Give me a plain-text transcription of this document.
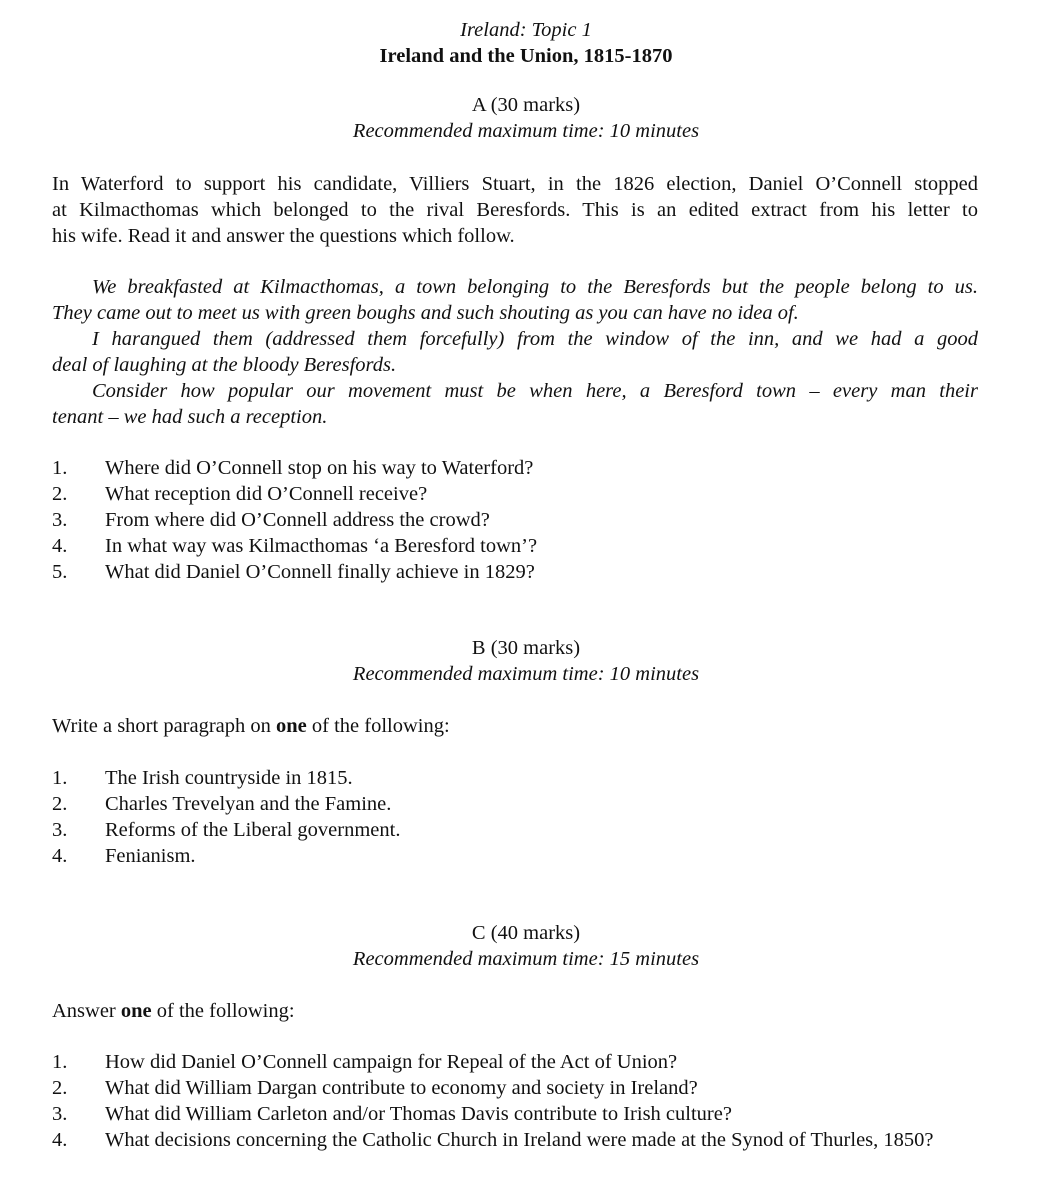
Ireland: Topic 1
Ireland and the Union, 1815-1870
A (30 marks)
Recommended maximum time: 10 minutes
In Waterford to support his candidate, Villiers Stuart, in the 1826 election, Daniel O’Connell stopped
at Kilmacthomas which belonged to the rival Beresfords. This is an edited extract from his letter to
his wife. Read it and answer the questions which follow.
We breakfasted at Kilmacthomas, a town belonging to the Beresfords but the people belong to us.
They came out to meet us with green boughs and such shouting as you can have no idea of.
I harangued them (addressed them forcefully) from the window of the inn, and we had a good
deal of laughing at the bloody Beresfords.
Consider how popular our movement must be when here, a Beresford town – every man their
tenant – we had such a reception.
1. Where did O’Connell stop on his way to Waterford?
2. What reception did O’Connell receive?
3. From where did O’Connell address the crowd?
4. In what way was Kilmacthomas ‘a Beresford town’?
5. What did Daniel O’Connell finally achieve in 1829?
B (30 marks)
Recommended maximum time: 10 minutes
Write a short paragraph on one of the following:
1. The Irish countryside in 1815.
2. Charles Trevelyan and the Famine.
3. Reforms of the Liberal government.
4. Fenianism.
C (40 marks)
Recommended maximum time: 15 minutes
Answer one of the following:
1. How did Daniel O’Connell campaign for Repeal of the Act of Union?
2. What did William Dargan contribute to economy and society in Ireland?
3. What did William Carleton and/or Thomas Davis contribute to Irish culture?
4. What decisions concerning the Catholic Church in Ireland were made at the Synod of Thurles, 1850?
